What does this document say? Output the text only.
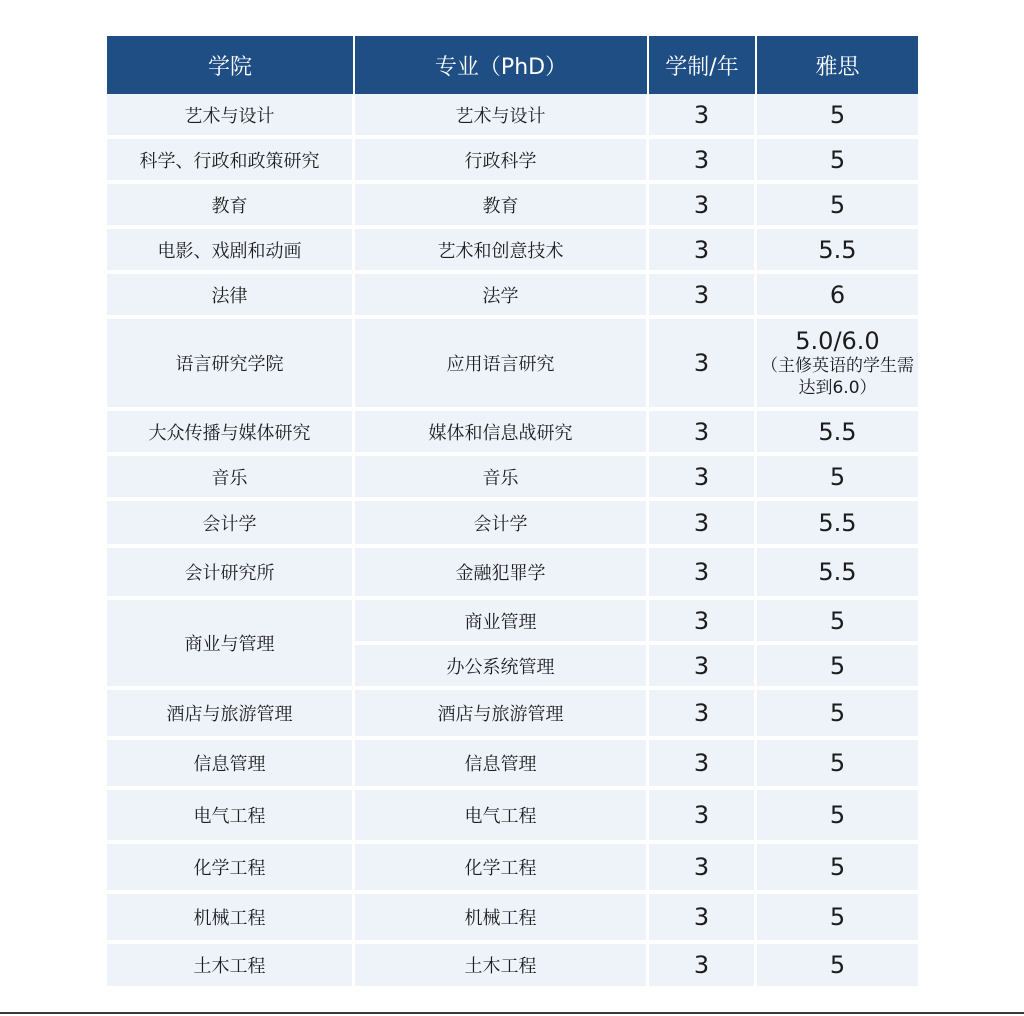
学院	专业（PhD）	学制/年	雅思
艺术与设计	艺术与设计	3	5
科学、行政和政策研究	行政科学	3	5
教育	教育	3	5
电影、戏剧和动画	艺术和创意技术	3	5.5
法律	法学	3	6
语言研究学院	应用语言研究	3	5.0/6.0
（主修英语的学生需达到6.0）

大众传播与媒体研究	媒体和信息战研究	3	5.5
音乐	音乐	3	5
会计学	会计学	3	5.5
会计研究所	金融犯罪学	3	5.5
商业与管理	商业管理	3	5
	办公系统管理	3	5
酒店与旅游管理	酒店与旅游管理	3	5
信息管理	信息管理	3	5
电气工程	电气工程	3	5
化学工程	化学工程	3	5
机械工程	机械工程	3	5
土木工程	土木工程	3	5
